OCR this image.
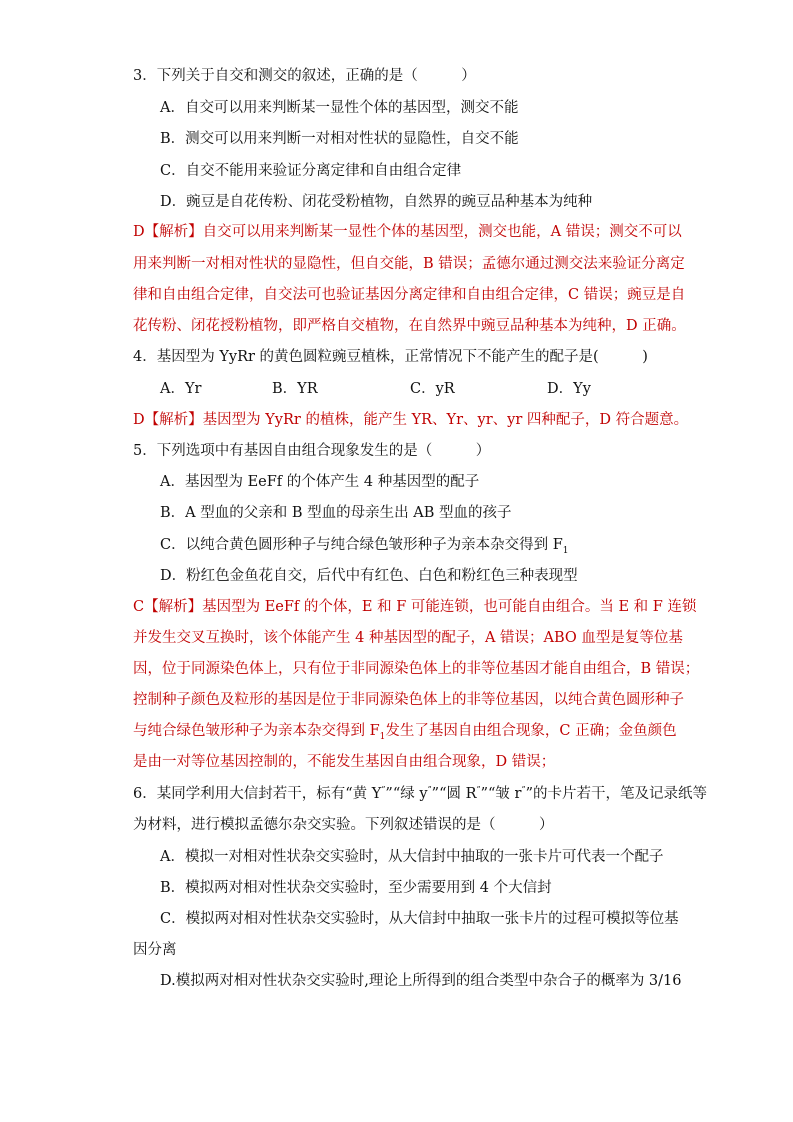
3．下列关于自交和测交的叙述，正确的是（　　　）
A．自交可以用来判断某一显性个体的基因型，测交不能
B．测交可以用来判断一对相对性状的显隐性，自交不能
C．自交不能用来验证分离定律和自由组合定律
D．豌豆是自花传粉、闭花受粉植物，自然界的豌豆品种基本为纯种
D【解析】自交可以用来判断某一显性个体的基因型，测交也能，A 错误；测交不可以
用来判断一对相对性状的显隐性，但自交能，B 错误；孟德尔通过测交法来验证分离定
律和自由组合定律，自交法可也验证基因分离定律和自由组合定律，C 错误；豌豆是自
花传粉、闭花授粉植物，即严格自交植物，在自然界中豌豆品种基本为纯种，D 正确。
4．基因型为 YyRr 的黄色圆粒豌豆植株，正常情况下不能产生的配子是(　　　)
A．Yr	B．YR	C．yR	D．Yy
D【解析】基因型为 YyRr 的植株，能产生 YR、Yr、yr、yr 四种配子，D 符合题意。
5．下列选项中有基因自由组合现象发生的是（　　　）
A．基因型为 EeFf 的个体产生 4 种基因型的配子
B．A 型血的父亲和 B 型血的母亲生出 AB 型血的孩子
C．以纯合黄色圆形种子与纯合绿色皱形种子为亲本杂交得到 $F_1$
D．粉红色金鱼花自交，后代中有红色、白色和粉红色三种表现型
C【解析】基因型为 EeFf 的个体，E 和 F 可能连锁，也可能自由组合。当 E 和 F 连锁
并发生交叉互换时，该个体能产生 4 种基因型的配子，A 错误；ABO 血型是复等位基
因，位于同源染色体上，只有位于非同源染色体上的非等位基因才能自由组合，B 错误；
控制种子颜色及粒形的基因是位于非同源染色体上的非等位基因，以纯合黄色圆形种子
与纯合绿色皱形种子为亲本杂交得到 $F_1$发生了基因自由组合现象，C 正确；金鱼颜色
是由一对等位基因控制的，不能发生基因自由组合现象，D 错误；
6．某同学利用大信封若干，标有“黄 Y””“绿 y””“圆 R””“皱 r””的卡片若干，笔及记录纸等
为材料，进行模拟孟德尔杂交实验。下列叙述错误的是（　　　）
A．模拟一对相对性状杂交实验时，从大信封中抽取的一张卡片可代表一个配子
B．模拟两对相对性状杂交实验时，至少需要用到 4 个大信封
C．模拟两对相对性状杂交实验时，从大信封中抽取一张卡片的过程可模拟等位基
因分离
D.模拟两对相对性状杂交实验时,理论上所得到的组合类型中杂合子的概率为 3/16
